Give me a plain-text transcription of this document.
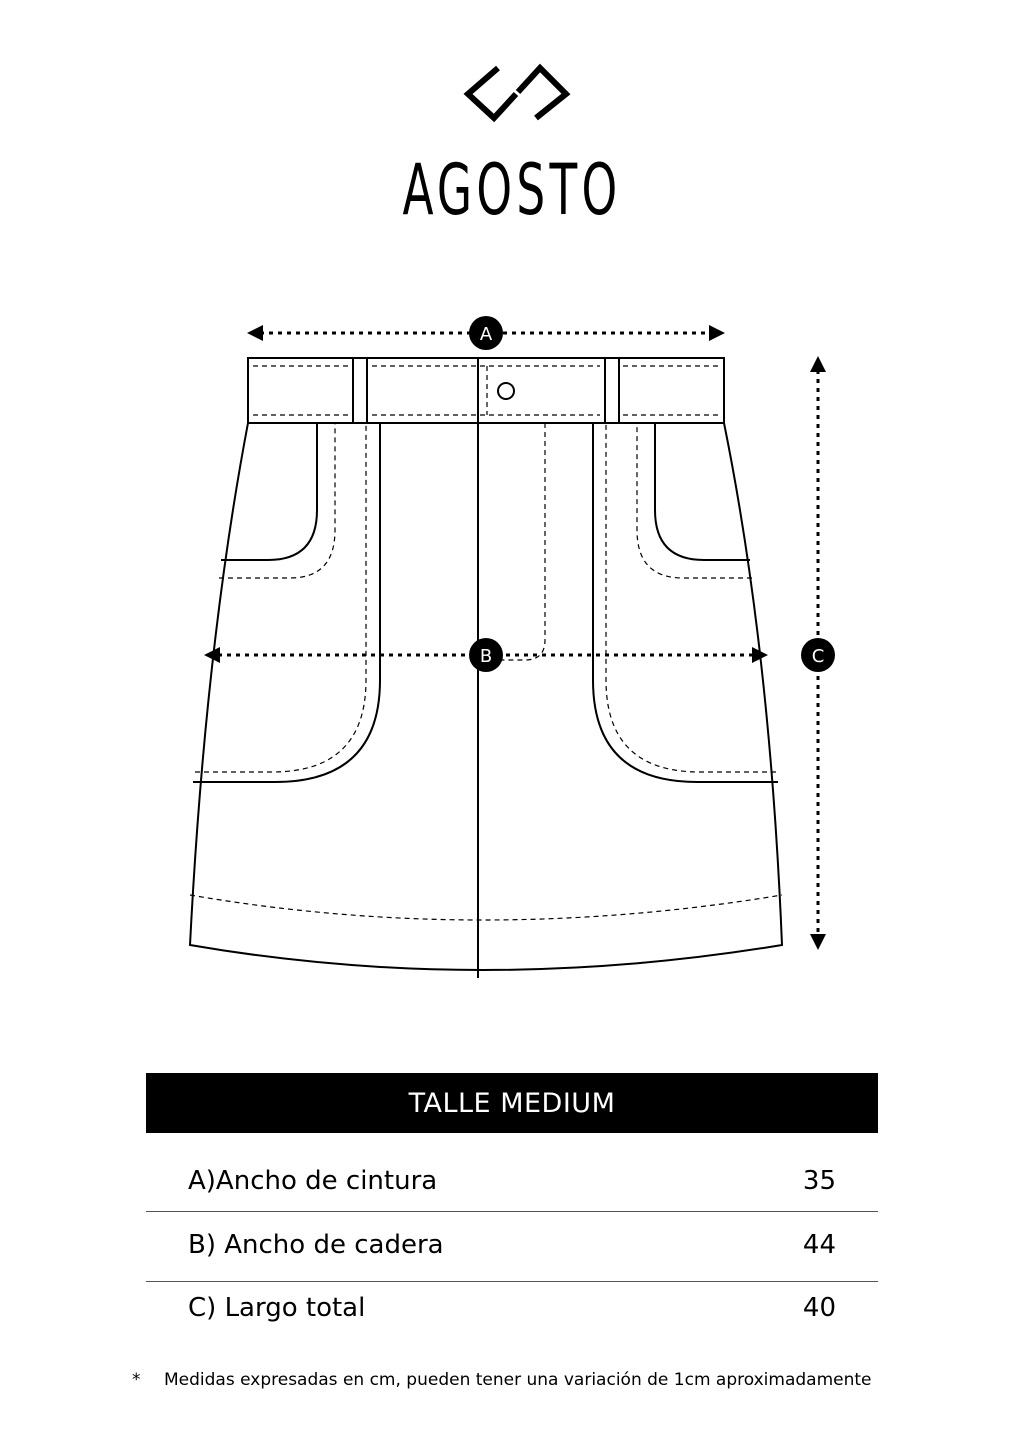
AGOSTO
A
B	C
TALLE MEDIUM
A)Ancho de cintura	35
B) Ancho de cadera	44
C) Largo total	40
* Medidas expresadas en cm, pueden tener una variación de 1cm aproximadamente
